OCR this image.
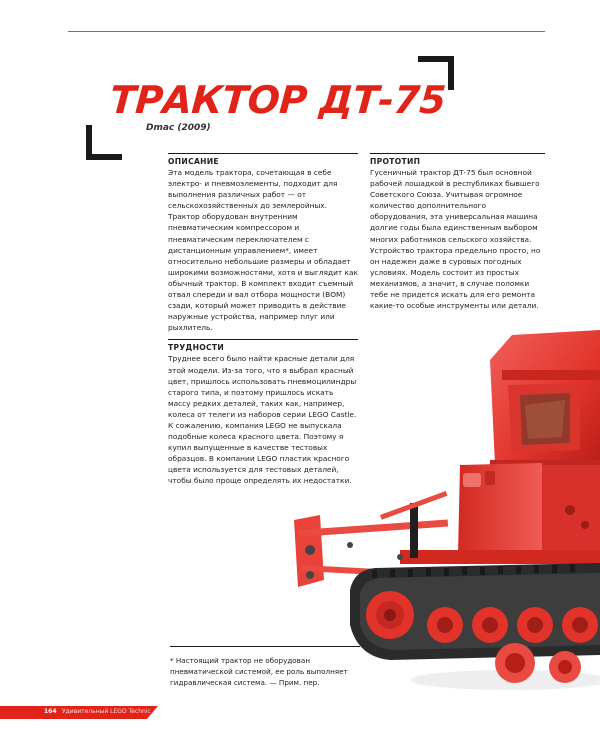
ТРАКТОР ДТ-75
Dmac (2009)

ОПИСАНИЕ

Эта модель трактора, сочетающая в себе электро- и пневмоэлементы, подходит для выполнения различных работ — от сельскохозяйственных до землеройных. Трактор оборудован внутренним пневматическим компрессором и пневматическим переключателем с дистанционным управлением*, имеет относительно небольшие размеры и обладает широкими возможностями, хотя и выглядит как обычный трактор. В комплект входит съемный отвал спереди и вал отбора мощности (ВОМ) сзади, который может приводить в действие наружные устройства, например плуг или рыхлитель.

ТРУДНОСТИ

Труднее всего было найти красные детали для этой модели. Из-за того, что я выбрал красный цвет, пришлось использовать пневмоцилиндры старого типа, и поэтому пришлось искать массу редких деталей, таких как, например, колеса от телеги из наборов серии LEGO Castle. К сожалению, компания LEGO не выпускала подобные колеса красного цвета. Поэтому я купил выпущенные в качестве тестовых образцов. В компании LEGO пластик красного цвета используется для тестовых деталей, чтобы было проще определять их недостатки.

ПРОТОТИП

Гусеничный трактор ДТ-75 был основной рабочей лошадкой в республиках бывшего Советского Союза. Учитывая огромное количество дополнительного оборудования, эта универсальная машина долгие годы была единственным выбором многих работников сельского хозяйства. Устройство трактора предельно просто, но он надежен даже в суровых погодных условиях. Модель состоит из простых механизмов, а значит, в случае поломки тебе не придется искать для его ремонта какие-то особые инструменты или детали.

* Настоящий трактор не оборудован пневматической системой, ее роль выполняет гидравлическая система. — Прим. пер.
164 Удивительный LEGO Technic
